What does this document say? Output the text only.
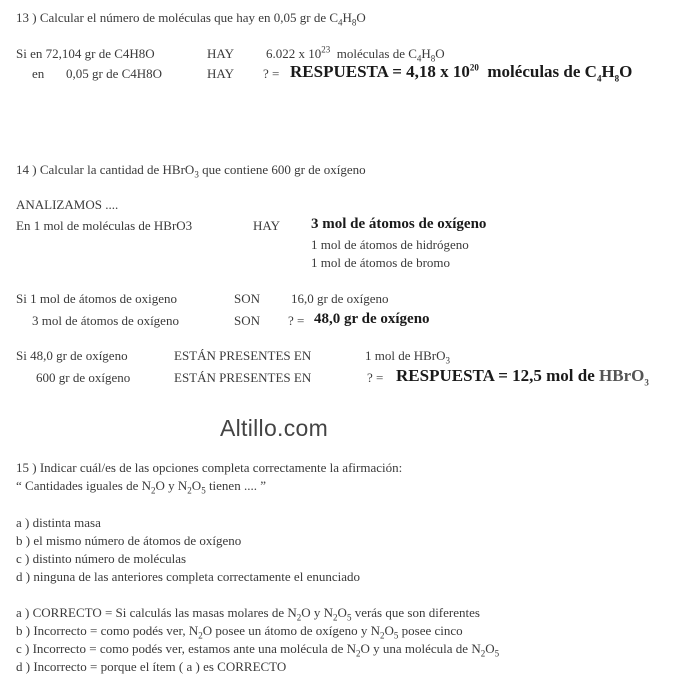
13 ) Calcular el número de moléculas que hay en 0,05 gr de $C_4H_8O$
Si en 72,104 gr de C4H8O	HAY 6.022 x $10^{23}$ moléculas de $C_4H_8O$
en 0,05 gr de C4H8O	HAY ? = RESPUESTA = 4,18 x $10^{20}$ moléculas de $C_4H_8O$
14 ) Calcular la cantidad de HBrO$_3$ que contiene 600 gr de oxígeno
ANALIZAMOS ....
En 1 mol de moléculas de HBrO3	HAY 3 mol de átomos de oxígeno
1 mol de átomos de hidrógeno
1 mol de átomos de bromo
Si 1 mol de átomos de oxigeno	SON 16,0 gr de oxígeno
3 mol de átomos de oxígeno	SON ? = 48,0 gr de oxígeno
Si 48,0 gr de oxígeno	ESTÁN PRESENTES EN	1 mol de HBrO$_3$
600 gr de oxígeno	ESTÁN PRESENTES EN	? = RESPUESTA = 12,5 mol de HBrO$_3$
Altillo.com
15 ) Indicar cuál/es de las opciones completa correctamente la afirmación:
“ Cantidades iguales de $N_2O$ y $N_2O_5$ tienen .... ”
a ) distinta masa
b ) el mismo número de átomos de oxígeno
c ) distinto número de moléculas
d ) ninguna de las anteriores completa correctamente el enunciado
a ) CORRECTO = Si calculás las masas molares de $N_2O$ y $N_2O_5$ verás que son diferentes
b ) Incorrecto = como podés ver, $N_2O$ posee un átomo de oxígeno y $N_2O_5$ posee cinco
c ) Incorrecto = como podés ver, estamos ante una molécula de $N_2O$ y una molécula de $N_2O_5$
d ) Incorrecto = porque el ítem ( a ) es CORRECTO
